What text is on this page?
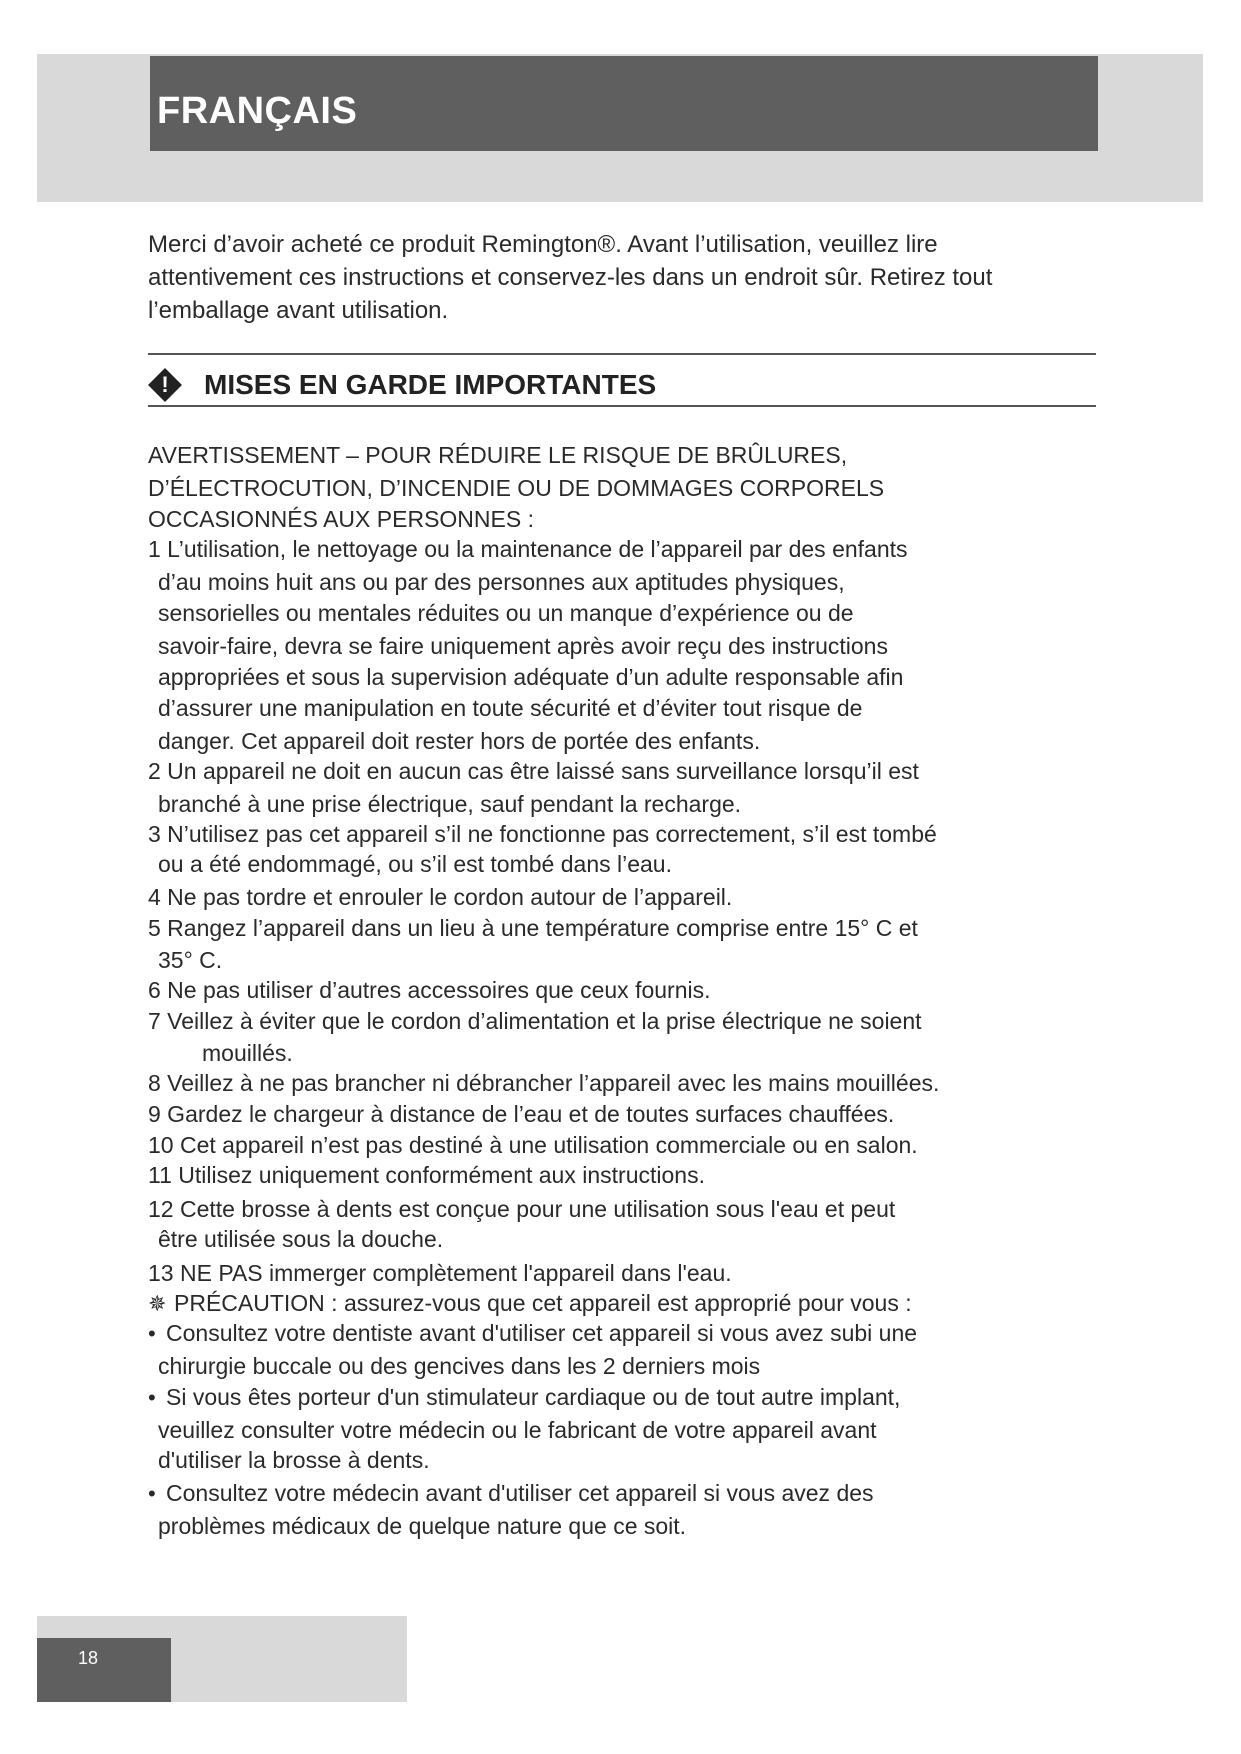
FRANÇAIS
Merci d’avoir acheté ce produit Remington®. Avant l’utilisation, veuillez lire
attentivement ces instructions et conservez-les dans un endroit sûr. Retirez tout
l’emballage avant utilisation.
!	MISES EN GARDE IMPORTANTES
AVERTISSEMENT – POUR RÉDUIRE LE RISQUE DE BRÛLURES,
D’ÉLECTROCUTION, D’INCENDIE OU DE DOMMAGES CORPORELS
OCCASIONNÉS AUX PERSONNES :
1 L’utilisation, le nettoyage ou la maintenance de l’appareil par des enfants
d’au moins huit ans ou par des personnes aux aptitudes physiques,
sensorielles ou mentales réduites ou un manque d’expérience ou de
savoir-faire, devra se faire uniquement après avoir reçu des instructions
appropriées et sous la supervision adéquate d’un adulte responsable afin
d’assurer une manipulation en toute sécurité et d’éviter tout risque de
danger. Cet appareil doit rester hors de portée des enfants.
2 Un appareil ne doit en aucun cas être laissé sans surveillance lorsqu’il est
branché à une prise électrique, sauf pendant la recharge.
3 N’utilisez pas cet appareil s’il ne fonctionne pas correctement, s’il est tombé
ou a été endommagé, ou s’il est tombé dans l’eau.
4 Ne pas tordre et enrouler le cordon autour de l’appareil.
5 Rangez l’appareil dans un lieu à une température comprise entre 15° C et
35° C.
6 Ne pas utiliser d’autres accessoires que ceux fournis.
7 Veillez à éviter que le cordon d’alimentation et la prise électrique ne soient
mouillés.
8 Veillez à ne pas brancher ni débrancher l’appareil avec les mains mouillées.
9 Gardez le chargeur à distance de l’eau et de toutes surfaces chauffées.
10 Cet appareil n’est pas destiné à une utilisation commerciale ou en salon.
11 Utilisez uniquement conformément aux instructions.
12 Cette brosse à dents est conçue pour une utilisation sous l'eau et peut
être utilisée sous la douche.
13 NE PAS immerger complètement l'appareil dans l'eau.
✵ PRÉCAUTION : assurez-vous que cet appareil est approprié pour vous :
• Consultez votre dentiste avant d'utiliser cet appareil si vous avez subi une
chirurgie buccale ou des gencives dans les 2 derniers mois
• Si vous êtes porteur d'un stimulateur cardiaque ou de tout autre implant,
veuillez consulter votre médecin ou le fabricant de votre appareil avant
d'utiliser la brosse à dents.
• Consultez votre médecin avant d'utiliser cet appareil si vous avez des
problèmes médicaux de quelque nature que ce soit.
18
